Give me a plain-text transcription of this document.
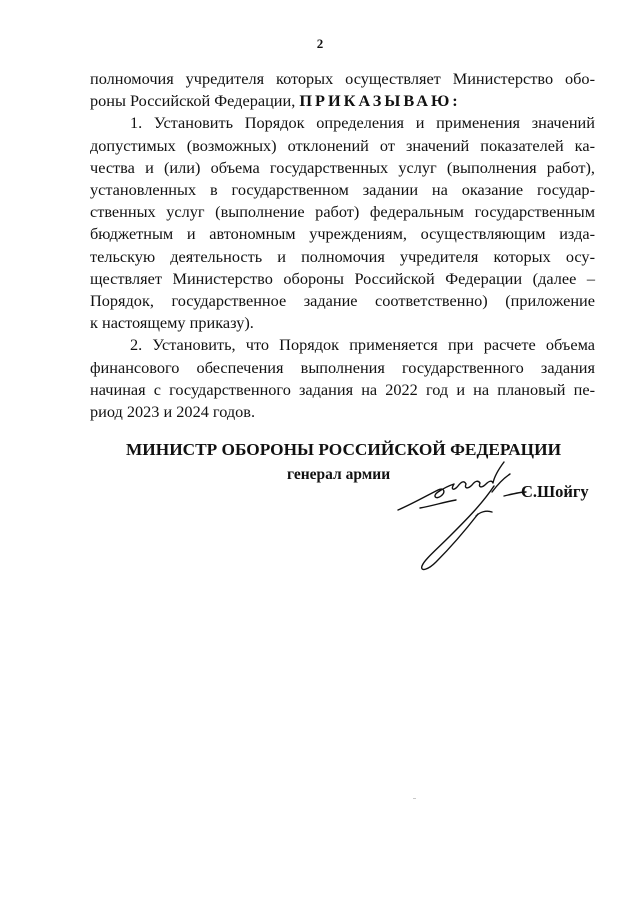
2

полномочия учредителя которых осуществляет Министерство обо-
роны Российской Федерации, ПРИКАЗЫВАЮ:

1. Установить Порядок определения и применения значений
допустимых (возможных) отклонений от значений показателей ка-
чества и (или) объема государственных услуг (выполнения работ),
установленных в государственном задании на оказание государ-
ственных услуг (выполнение работ) федеральным государственным
бюджетным и автономным учреждениям, осуществляющим изда-
тельскую деятельность и полномочия учредителя которых осу-
ществляет Министерство обороны Российской Федерации (далее –
Порядок, государственное задание соответственно) (приложение
к настоящему приказу).

2. Установить, что Порядок применяется при расчете объема
финансового обеспечения выполнения государственного задания
начиная с государственного задания на 2022 год и на плановый пе-
риод 2023 и 2024 годов.

МИНИСТР ОБОРОНЫ РОССИЙСКОЙ ФЕДЕРАЦИИ
генерал армии
С.Шойгу
